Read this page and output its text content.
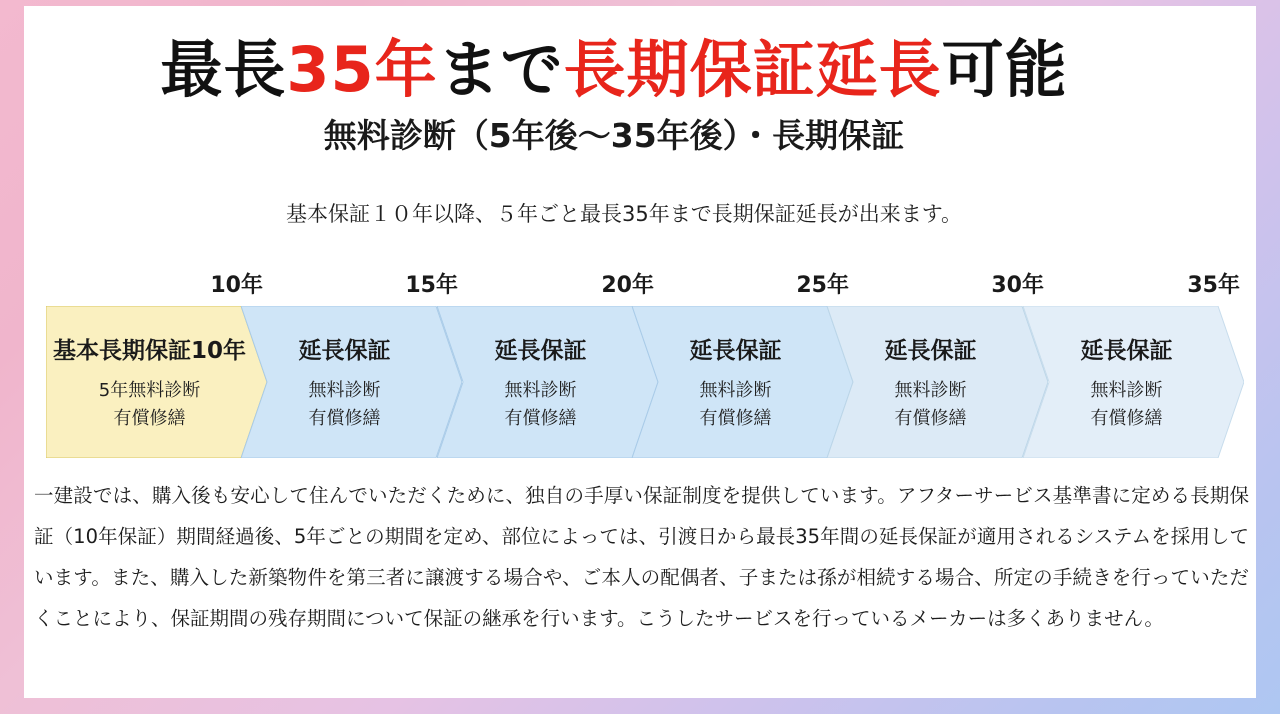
最長35年まで長期保証延長可能
無料診断（5年後〜35年後）・長期保証
基本保証１０年以降、５年ごと最長35年まで長期保証延長が出来ます。
10年	15年	20年	25年	30年	35年
基本長期保証10年
5年無料診断
有償修繕
延長保証
無料診断
有償修繕
延長保証
無料診断
有償修繕
延長保証
無料診断
有償修繕
延長保証
無料診断
有償修繕
延長保証
無料診断
有償修繕
一建設では、購入後も安心して住んでいただくために、独自の手厚い保証制度を提供しています。アフターサービス基準書に定める長期保証（10年保証）期間経過後、5年ごとの期間を定め、部位によっては、引渡日から最長35年間の延長保証が適用されるシステムを採用しています。また、購入した新築物件を第三者に譲渡する場合や、ご本人の配偶者、子または孫が相続する場合、所定の手続きを行っていただくことにより、保証期間の残存期間について保証の継承を行います。こうしたサービスを行っているメーカーは多くありません。
